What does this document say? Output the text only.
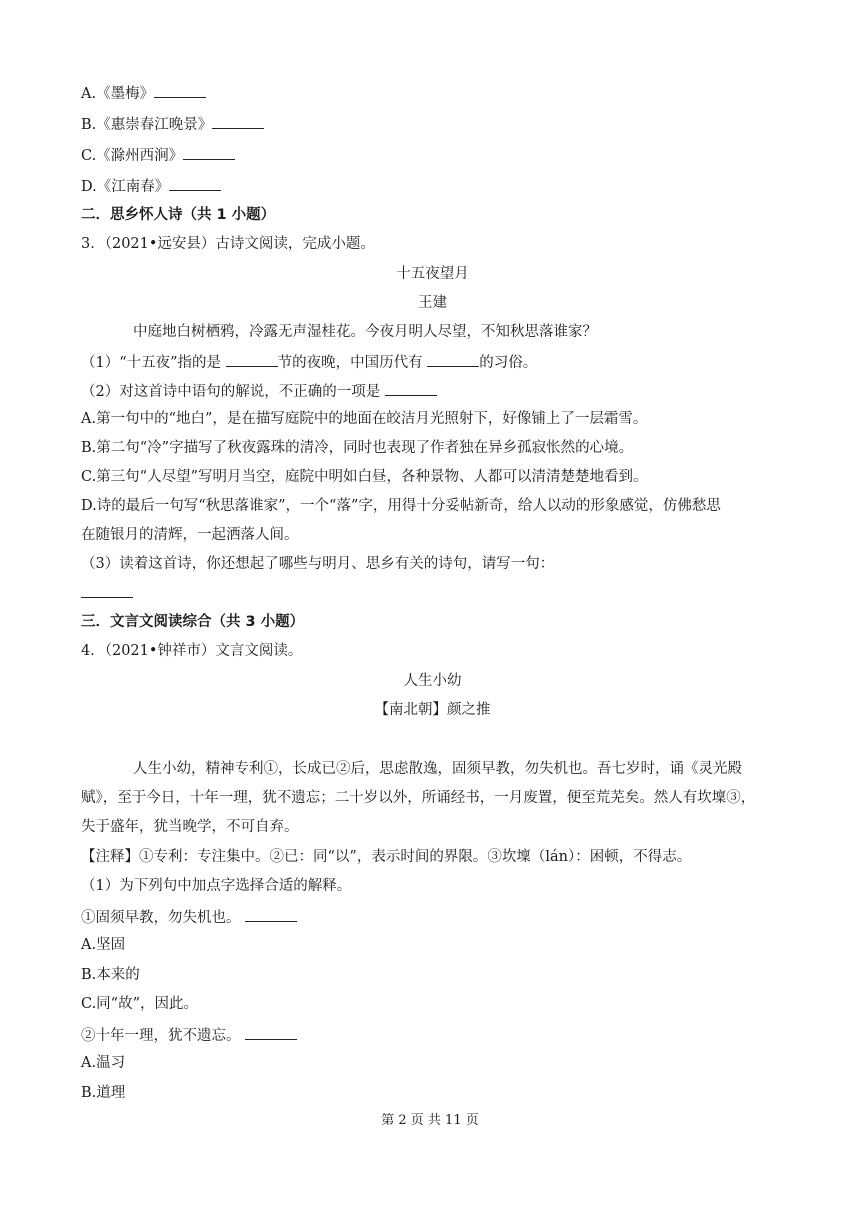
A.《墨梅》
B.《惠崇春江晚景》
C.《滁州西涧》
D.《江南春》
二．思乡怀人诗（共 1 小题）
3．（2021•远安县）古诗文阅读，完成小题。
十五夜望月
王建
中庭地白树栖鸦，冷露无声湿桂花。今夜月明人尽望，不知秋思落谁家？
（1）“十五夜”指的是	节的夜晚，中国历代有	的习俗。
（2）对这首诗中语句的解说，不正确的一项是
A.第一句中的“地白”，是在描写庭院中的地面在皎洁月光照射下，好像铺上了一层霜雪。
B.第二句“冷”字描写了秋夜露珠的清冷，同时也表现了作者独在异乡孤寂怅然的心境。
C.第三句“人尽望”写明月当空，庭院中明如白昼，各种景物、人都可以清清楚楚地看到。
D.诗的最后一句写“秋思落谁家”，一个“落”字，用得十分妥帖新奇，给人以动的形象感觉，仿佛愁思
在随银月的清辉，一起洒落人间。
（3）读着这首诗，你还想起了哪些与明月、思乡有关的诗句，请写一句：
三．文言文阅读综合（共 3 小题）
4．（2021•钟祥市）文言文阅读。
人生小幼
【南北朝】颜之推
人生小幼，精神专利①，长成已②后，思虑散逸，固须早教，勿失机也。吾七岁时，诵《灵光殿
赋》，至于今日，十年一理，犹不遗忘；二十岁以外，所诵经书，一月废置，便至荒芜矣。然人有坎壈③，
失于盛年，犹当晚学，不可自弃。
【注释】①专利：专注集中。②已：同“以”，表示时间的界限。③坎壈（lán）：困顿，不得志。
（1）为下列句中加点字选择合适的解释。
①固须早教，勿失机也。
A.坚固
B.本来的
C.同“故”，因此。
②十年一理，犹不遗忘。
A.温习
B.道理
第 2 页 共 11 页
